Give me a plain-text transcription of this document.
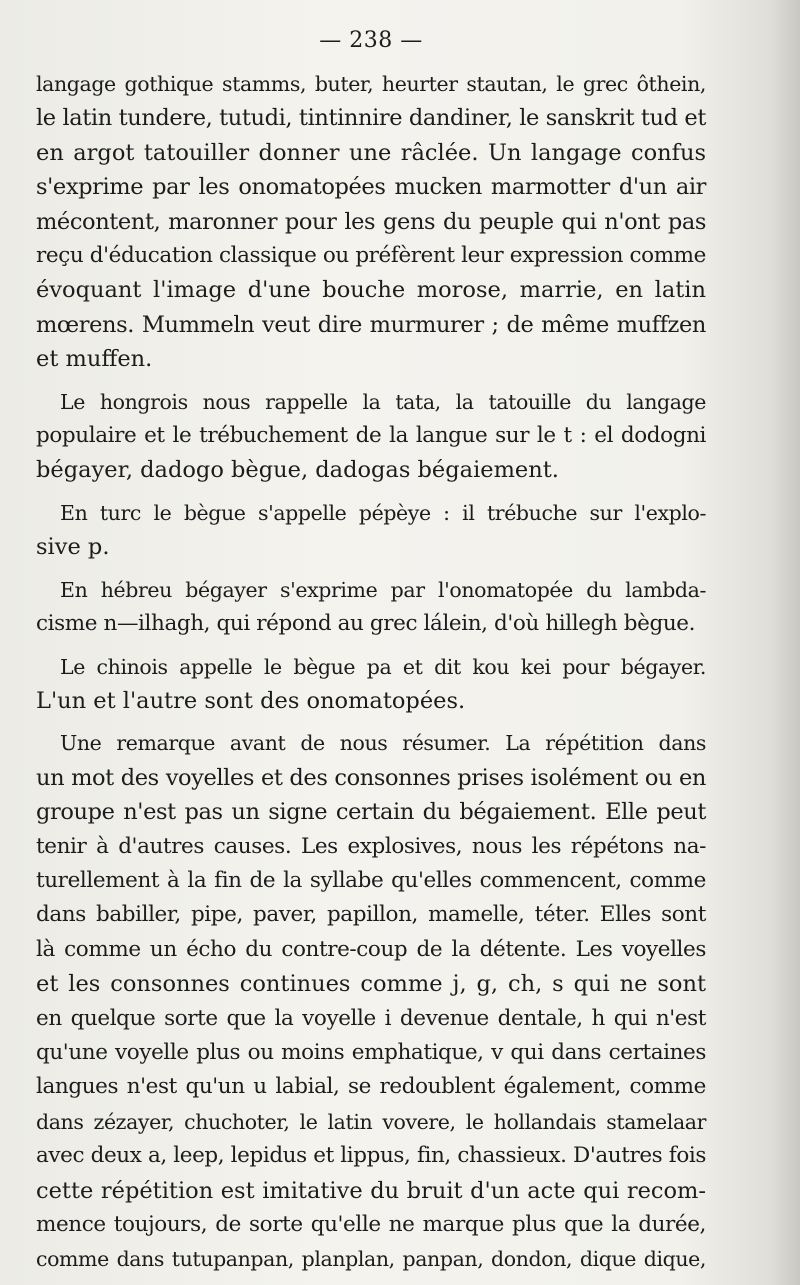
— 238 —

langage gothique stamms, buter, heurter stautan, le grec ôthein,
le latin tundere, tutudi, tintinnire dandiner, le sanskrit tud et
en argot tatouiller donner une râclée. Un langage confus
s'exprime par les onomatopées mucken marmotter d'un air
mécontent, maronner pour les gens du peuple qui n'ont pas
reçu d'éducation classique ou préfèrent leur expression comme
évoquant l'image d'une bouche morose, marrie, en latin
mœrens. Mummeln veut dire murmurer ; de même muffzen
et muffen.

Le hongrois nous rappelle la tata, la tatouille du langage
populaire et le trébuchement de la langue sur le t : el dodogni
bégayer, dadogo bègue, dadogas bégaiement.

En turc le bègue s'appelle pépèye : il trébuche sur l'explo-
sive p.

En hébreu bégayer s'exprime par l'onomatopée du lambda-
cisme n—ilhagh, qui répond au grec lálein, d'où hillegh bègue.

Le chinois appelle le bègue pa et dit kou kei pour bégayer.
L'un et l'autre sont des onomatopées.

Une remarque avant de nous résumer. La répétition dans
un mot des voyelles et des consonnes prises isolément ou en
groupe n'est pas un signe certain du bégaiement. Elle peut
tenir à d'autres causes. Les explosives, nous les répétons na-
turellement à la fin de la syllabe qu'elles commencent, comme
dans babiller, pipe, paver, papillon, mamelle, téter. Elles sont
là comme un écho du contre-coup de la détente. Les voyelles
et les consonnes continues comme j, g, ch, s qui ne sont
en quelque sorte que la voyelle i devenue dentale, h qui n'est
qu'une voyelle plus ou moins emphatique, v qui dans certaines
langues n'est qu'un u labial, se redoublent également, comme
dans zézayer, chuchoter, le latin vovere, le hollandais stamelaar
avec deux a, leep, lepidus et lippus, fin, chassieux. D'autres fois
cette répétition est imitative du bruit d'un acte qui recom-
mence toujours, de sorte qu'elle ne marque plus que la durée,
comme dans tutupanpan, planplan, panpan, dondon, dique dique,
